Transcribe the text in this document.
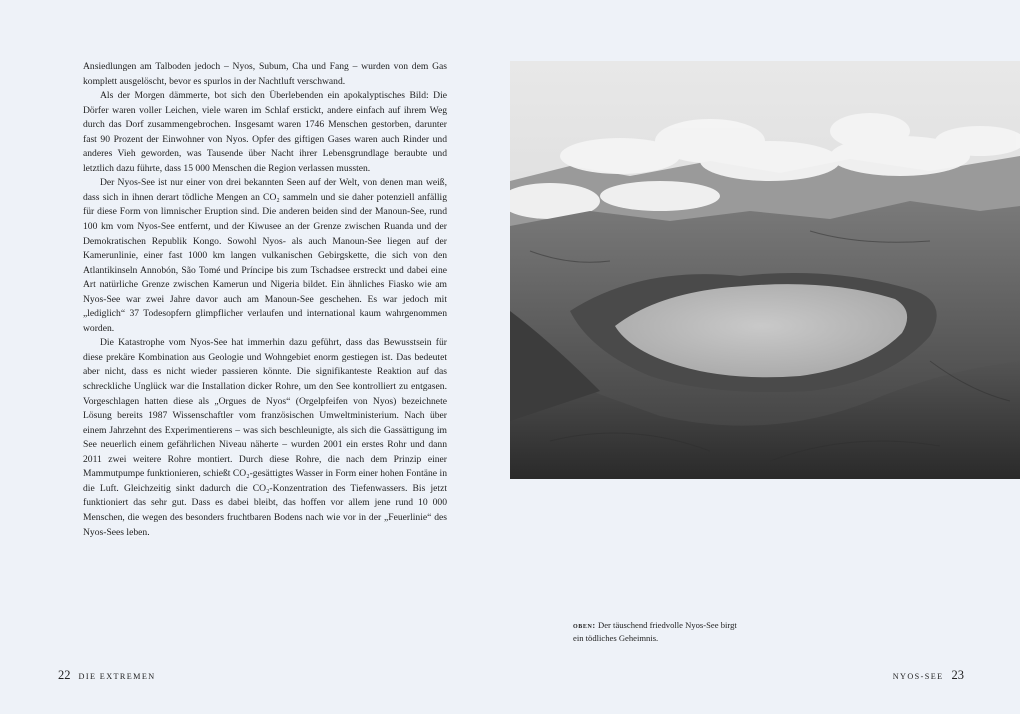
Ansiedlungen am Talboden jedoch – Nyos, Subum, Cha und Fang – wurden von dem Gas komplett ausgelöscht, bevor es spurlos in der Nachtluft verschwand.

Als der Morgen dämmerte, bot sich den Überlebenden ein apokalyptisches Bild: Die Dörfer waren voller Leichen, viele waren im Schlaf erstickt, andere einfach auf ihrem Weg durch das Dorf zusammengebrochen. Insgesamt waren 1746 Menschen gestorben, darunter fast 90 Prozent der Einwohner von Nyos. Opfer des giftigen Gases waren auch Rinder und anderes Vieh geworden, was Tausende über Nacht ihrer Lebensgrundlage beraubte und letztlich dazu führte, dass 15 000 Menschen die Region verlassen mussten.

Der Nyos-See ist nur einer von drei bekannten Seen auf der Welt, von denen man weiß, dass sich in ihnen derart tödliche Mengen an CO₂ sammeln und sie daher potenziell anfällig für diese Form von limnischer Eruption sind. Die anderen beiden sind der Manoun-See, rund 100 km vom Nyos-See entfernt, und der Kiwusee an der Grenze zwischen Ruanda und der Demokratischen Republik Kongo. Sowohl Nyos- als auch Manoun-See liegen auf der Kamerunlinie, einer fast 1000 km langen vulkanischen Gebirgskette, die sich von den Atlantikinseln Annobón, São Tomé und Príncipe bis zum Tschadsee erstreckt und dabei eine Art natürliche Grenze zwischen Kamerun und Nigeria bildet. Ein ähnliches Fiasko wie am Nyos-See war zwei Jahre davor auch am Manoun-See geschehen. Es war jedoch mit „lediglich“ 37 Todesopfern glimpflicher verlaufen und international kaum wahrgenommen worden.

Die Katastrophe vom Nyos-See hat immerhin dazu geführt, dass das Bewusstsein für diese prekäre Kombination aus Geologie und Wohngebiet enorm gestiegen ist. Das bedeutet aber nicht, dass es nicht wieder passieren könnte. Die signifikanteste Reaktion auf das schreckliche Unglück war die Installation dicker Rohre, um den See kontrolliert zu entgasen. Vorgeschlagen hatten diese als „Orgues de Nyos“ (Orgelpfeifen von Nyos) bezeichnete Lösung bereits 1987 Wissenschaftler vom französischen Umweltministerium. Nach über einem Jahrzehnt des Experimentierens – was sich beschleunigte, als sich die Gassättigung im See neuerlich einem gefährlichen Niveau näherte – wurden 2001 ein erstes Rohr und dann 2011 zwei weitere Rohre montiert. Durch diese Rohre, die nach dem Prinzip einer Mammutpumpe funktionieren, schießt CO₂-gesättigtes Wasser in Form einer hohen Fontäne in die Luft. Gleichzeitig sinkt dadurch die CO₂-Konzentration des Tiefenwassers. Bis jetzt funktioniert das sehr gut. Dass es dabei bleibt, das hoffen vor allem jene rund 10 000 Menschen, die wegen des besonders fruchtbaren Bodens nach wie vor in der „Feuerlinie“ des Nyos-Sees leben.

oben: Der täuschend friedvolle Nyos-See birgt ein tödliches Geheimnis.
22 DIE EXTREMEN	NYOS-SEE 23
